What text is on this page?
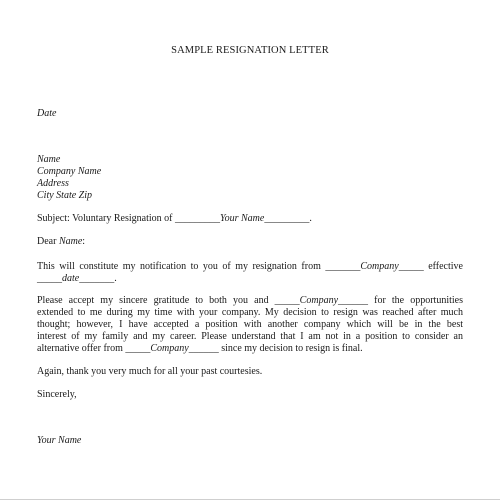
SAMPLE RESIGNATION LETTER
Date
Name
Company Name
Address
City State Zip
Subject: Voluntary Resignation of _________Your Name_________.
Dear Name:
This will constitute my notification to you of my resignation from _______Company_____ effective
_____date_______.
Please accept my sincere gratitude to both you and _____Company______ for the opportunities
extended to me during my time with your company. My decision to resign was reached after much
thought; however, I have accepted a position with another company which will be in the best
interest of my family and my career. Please understand that I am not in a position to consider an
alternative offer from _____Company______ since my decision to resign is final.
Again, thank you very much for all your past courtesies.
Sincerely,
Your Name
